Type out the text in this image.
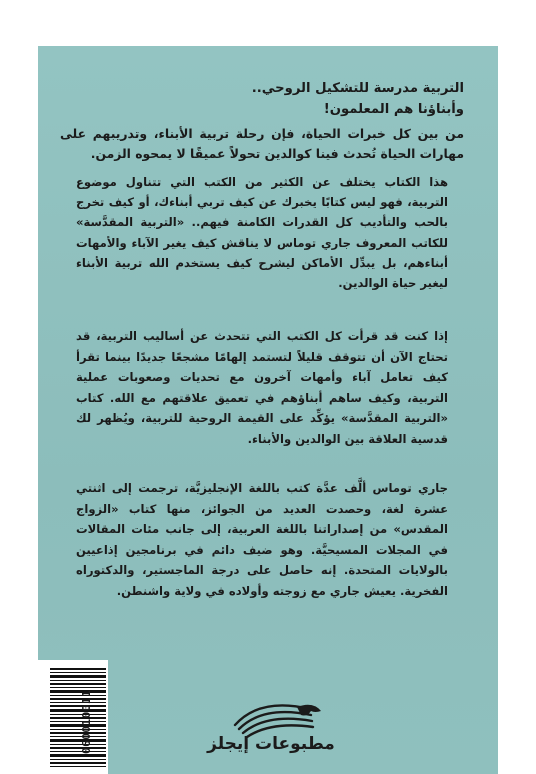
التربية مدرسة للتشكيل الروحي..

وأبناؤنا هم المعلمون!

من بين كل خبرات الحياة، فإن رحلة تربية الأبناء، وتدريبهم على مهارات الحياة تُحدث فينا كوالدين تحولاً عميقًا لا يمحوه الزمن.
هذا الكتاب يختلف عن الكثير من الكتب التي تتناول موضوع التربية، فهو ليس كتابًا يخبرك عن كيف تربي أبناءك، أو كيف تخرج بالحب والتأديب كل القدرات الكامنة فيهم.. «التربية المقدَّسة» للكاتب المعروف جاري توماس لا يناقش كيف يغير الآباء والأمهات أبناءهم، بل يبدِّل الأماكن ليشرح كيف يستخدم الله تربية الأبناء ليغير حياة الوالدين.
إذا كنت قد قرأت كل الكتب التي تتحدث عن أساليب التربية، قد تحتاج الآن أن تتوقف قليلاً لتستمد إلهامًا مشجعًا جديدًا بينما تقرأ كيف تعامل آباء وأمهات آخرون مع تحديات وصعوبات عملية التربية، وكيف ساهم أبناؤهم في تعميق علاقتهم مع الله. كتاب «التربية المقدَّسة» يؤكِّد على القيمة الروحية للتربية، ويُظهر لك قدسية العلاقة بين الوالدين والأبناء.
جاري توماس ألَّف عدَّة كتب باللغة الإنجليزيَّة، ترجمت إلى اثنتي عشرة لغة، وحصدت العديد من الجوائز، منها كتاب «الزواج المقدس» من إصداراتنا باللغة العربية، إلى جانب مئات المقالات في المجلات المسيحيَّة. وهو ضيف دائم في برنامجين إذاعيين بالولايات المتحدة. إنه حاصل على درجة الماجستير، والدكتوراه الفخرية. يعيش جاري مع زوجته وأولاده في ولاية واشنطن.
060010011	مطبوعات إيجلز
